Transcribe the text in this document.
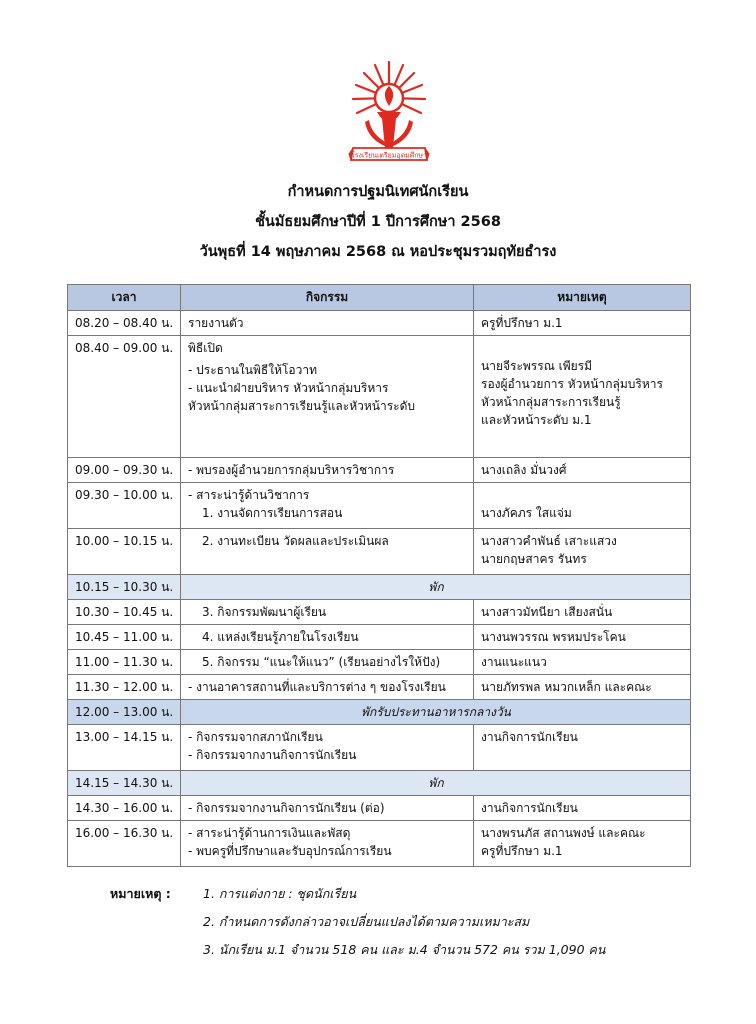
โรงเรียนเตรียมอุดมศึกษา
กำหนดการปฐมนิเทศนักเรียน
ชั้นมัธยมศึกษาปีที่ 1 ปีการศึกษา 2568
วันพุธที่ 14 พฤษภาคม 2568 ณ หอประชุมรวมฤทัยธำรง
เวลา	กิจกรรม	หมายเหตุ
08.20 – 08.40 น.	รายงานตัว	ครูที่ปรึกษา ม.1

08.40 – 09.00 น.	พิธีเปิด
- ประธานในพิธีให้โอวาท
- แนะนำฝ่ายบริหาร หัวหน้ากลุ่มบริหาร
หัวหน้ากลุ่มสาระการเรียนรู้และหัวหน้าระดับ	นายจีระพรรณ เพียรมี
รองผู้อำนวยการ หัวหน้ากลุ่มบริหาร
หัวหน้ากลุ่มสาระการเรียนรู้
และหัวหน้าระดับ ม.1

09.00 – 09.30 น.	- พบรองผู้อำนวยการกลุ่มบริหารวิชาการ	นางเถลิง มั่นวงศ์

09.30 – 10.00 น.	- สาระน่ารู้ด้านวิชาการ
1. งานจัดการเรียนการสอน	นางภัคภร ใสแจ่ม

10.00 – 10.15 น.	2. งานทะเบียน วัดผลและประเมินผล	นางสาวคำพันธ์ เสาะแสวง
นายกฤษสาคร รันทร

10.15 – 10.30 น.	พัก	
10.30 – 10.45 น.	3. กิจกรรมพัฒนาผู้เรียน	นางสาวมัทนียา เสียงสนั่น

10.45 – 11.00 น.	4. แหล่งเรียนรู้ภายในโรงเรียน	นางนพวรรณ พรหมประโคน

11.00 – 11.30 น.	5. กิจกรรม “แนะให้แนว” (เรียนอย่างไรให้ปัง)	งานแนะแนว

11.30 – 12.00 น.	- งานอาคารสถานที่และบริการต่าง ๆ ของโรงเรียน	นายภัทรพล หมวกเหล็ก และคณะ

12.00 – 13.00 น.	พักรับประทานอาหารกลางวัน	
13.00 – 14.15 น.	- กิจกรรมจากสภานักเรียน
- กิจกรรมจากงานกิจการนักเรียน	งานกิจการนักเรียน

14.15 – 14.30 น.	พัก	
14.30 – 16.00 น.	- กิจกรรมจากงานกิจการนักเรียน (ต่อ)	งานกิจการนักเรียน

16.00 – 16.30 น.	- สาระน่ารู้ด้านการเงินและพัสดุ
- พบครูที่ปรึกษาและรับอุปกรณ์การเรียน	นางพรนภัส สถานพงษ์ และคณะ
ครูที่ปรึกษา ม.1
หมายเหตุ :	1. การแต่งกาย : ชุดนักเรียน
2. กำหนดการดังกล่าวอาจเปลี่ยนแปลงได้ตามความเหมาะสม
3. นักเรียน ม.1 จำนวน 518 คน และ ม.4 จำนวน 572 คน รวม 1,090 คน
